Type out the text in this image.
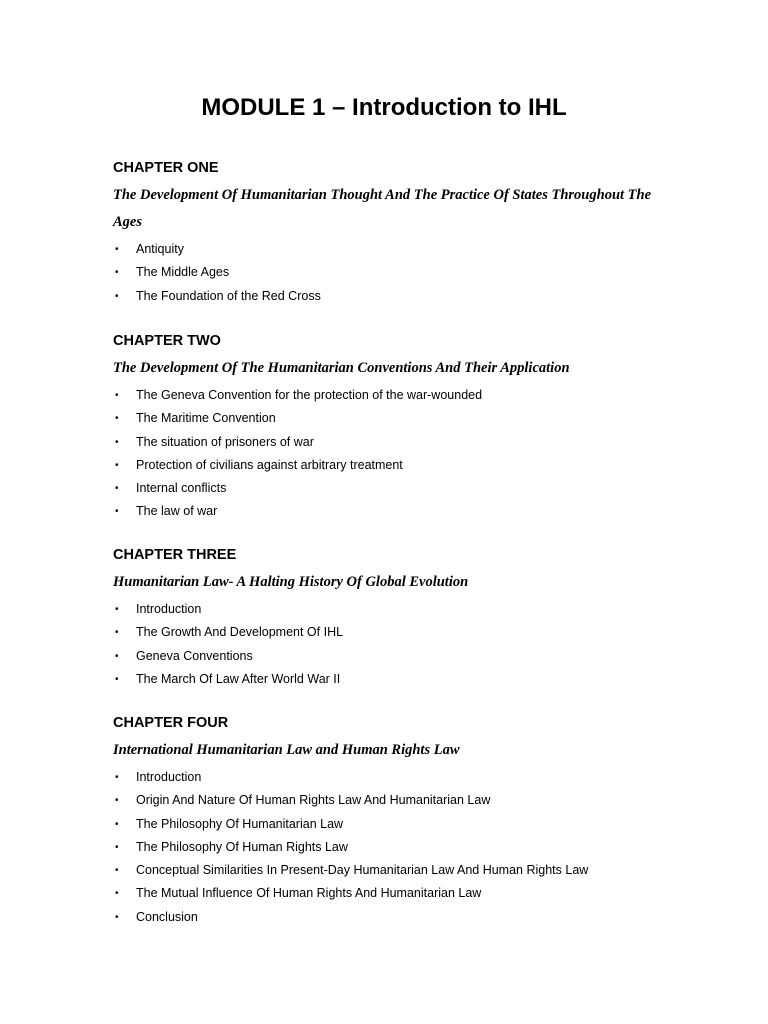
MODULE 1 – Introduction to IHL
CHAPTER ONE

The Development Of Humanitarian Thought And The Practice Of States Throughout The Ages

• Antiquity
• The Middle Ages
• The Foundation of the Red Cross
CHAPTER TWO

The Development Of The Humanitarian Conventions And Their Application

• The Geneva Convention for the protection of the war-wounded
• The Maritime Convention
• The situation of prisoners of war
• Protection of civilians against arbitrary treatment
• Internal conflicts
• The law of war
CHAPTER THREE

Humanitarian Law- A Halting History Of Global Evolution

• Introduction
• The Growth And Development Of IHL
• Geneva Conventions
• The March Of Law After World War II
CHAPTER FOUR

International Humanitarian Law and Human Rights Law

• Introduction
• Origin And Nature Of Human Rights Law And Humanitarian Law
• The Philosophy Of Humanitarian Law
• The Philosophy Of Human Rights Law
• Conceptual Similarities In Present-Day Humanitarian Law And Human Rights Law
• The Mutual Influence Of Human Rights And Humanitarian Law
• Conclusion
